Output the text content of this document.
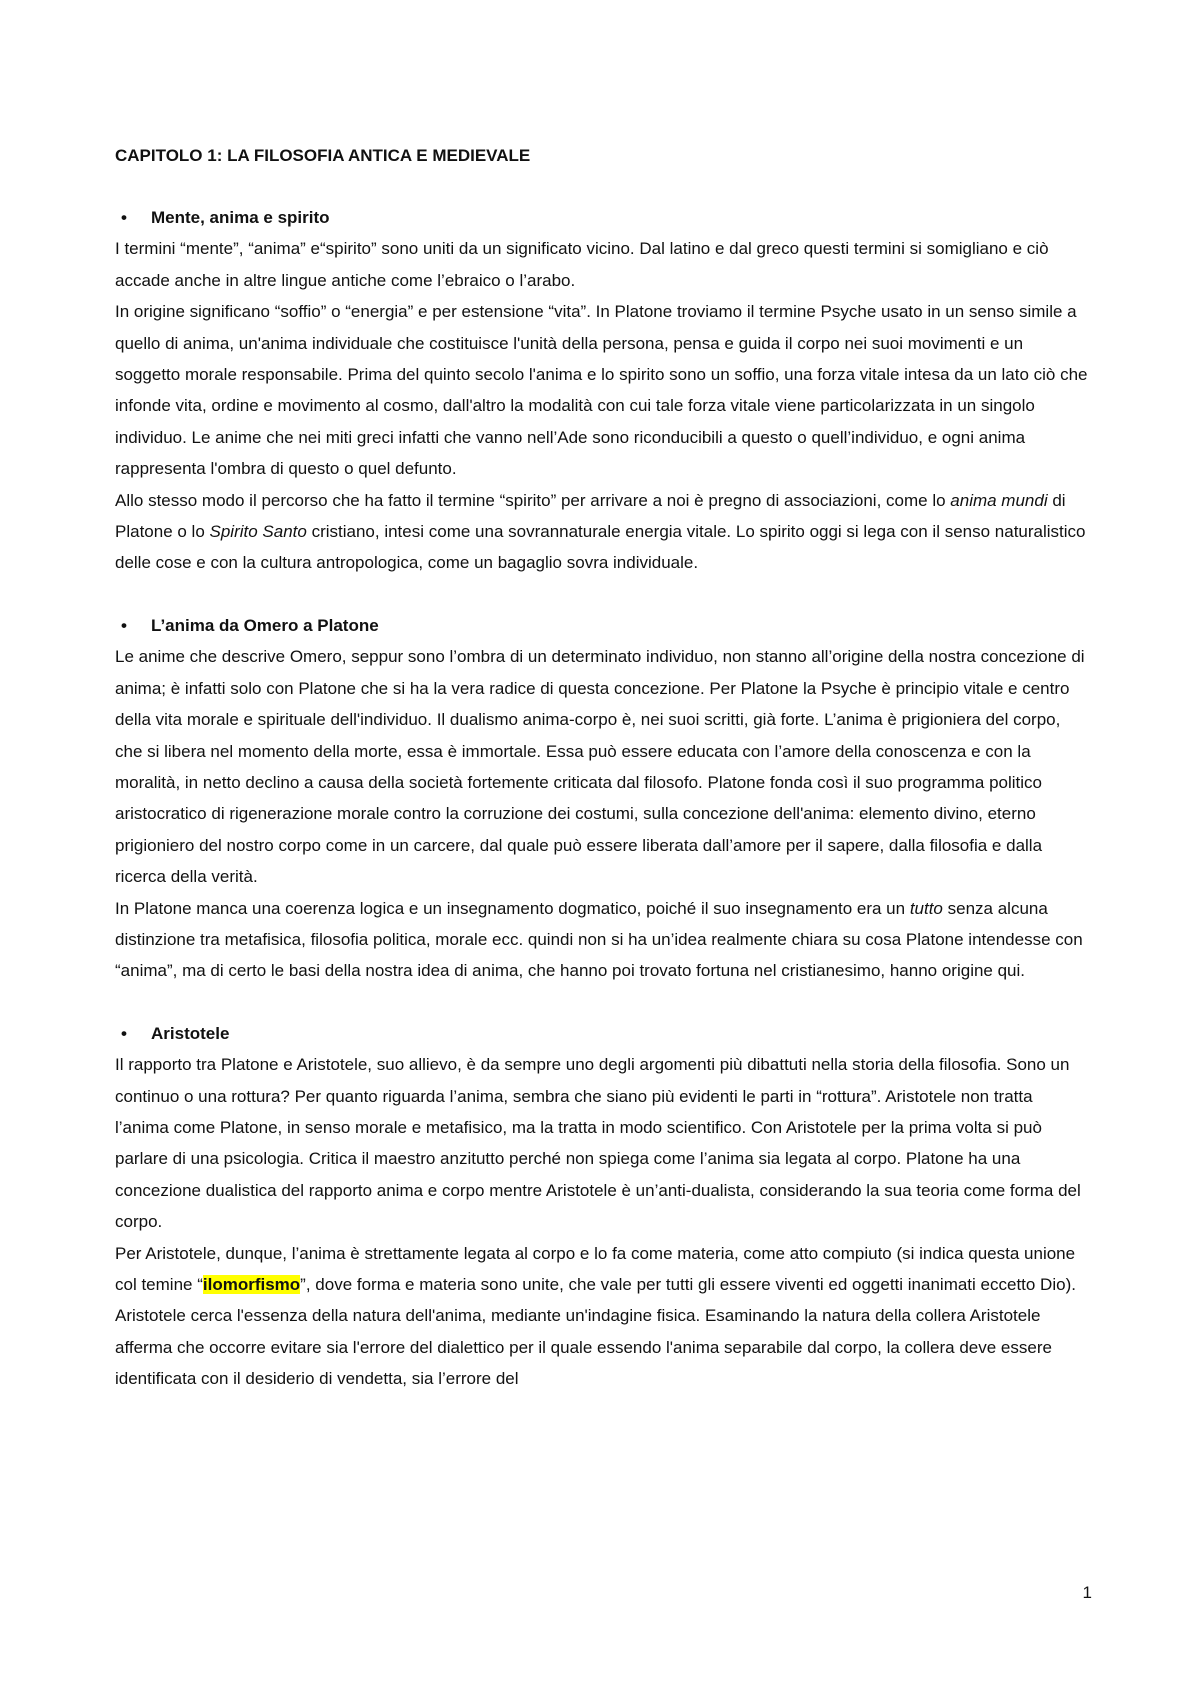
CAPITOLO 1: LA FILOSOFIA ANTICA E MEDIEVALE

• Mente, anima e spirito

I termini “mente”, “anima” e“spirito” sono uniti da un significato vicino. Dal latino e dal greco questi termini si somigliano e ciò accade anche in altre lingue antiche come l’ebraico o l’arabo.

In origine significano “soffio” o “energia” e per estensione “vita”. In Platone troviamo il termine Psyche usato in un senso simile a quello di anima, un'anima individuale che costituisce l'unità della persona, pensa e guida il corpo nei suoi movimenti e un soggetto morale responsabile. Prima del quinto secolo l'anima e lo spirito sono un soffio, una forza vitale intesa da un lato ciò che infonde vita, ordine e movimento al cosmo, dall'altro la modalità con cui tale forza vitale viene particolarizzata in un singolo individuo. Le anime che nei miti greci infatti che vanno nell’Ade sono riconducibili a questo o quell’individuo, e ogni anima rappresenta l'ombra di questo o quel defunto.

Allo stesso modo il percorso che ha fatto il termine “spirito” per arrivare a noi è pregno di associazioni, come lo anima mundi di Platone o lo Spirito Santo cristiano, intesi come una sovrannaturale energia vitale. Lo spirito oggi si lega con il senso naturalistico delle cose e con la cultura antropologica, come un bagaglio sovra individuale.

• L’anima da Omero a Platone

Le anime che descrive Omero, seppur sono l’ombra di un determinato individuo, non stanno all’origine della nostra concezione di anima; è infatti solo con Platone che si ha la vera radice di questa concezione. Per Platone la Psyche è principio vitale e centro della vita morale e spirituale dell'individuo. Il dualismo anima-corpo è, nei suoi scritti, già forte. L’anima è prigioniera del corpo, che si libera nel momento della morte, essa è immortale. Essa può essere educata con l’amore della conoscenza e con la moralità, in netto declino a causa della società fortemente criticata dal filosofo. Platone fonda così il suo programma politico aristocratico di rigenerazione morale contro la corruzione dei costumi, sulla concezione dell'anima: elemento divino, eterno prigioniero del nostro corpo come in un carcere, dal quale può essere liberata dall’amore per il sapere, dalla filosofia e dalla ricerca della verità.

In Platone manca una coerenza logica e un insegnamento dogmatico, poiché il suo insegnamento era un tutto senza alcuna distinzione tra metafisica, filosofia politica, morale ecc. quindi non si ha un’idea realmente chiara su cosa Platone intendesse con “anima”, ma di certo le basi della nostra idea di anima, che hanno poi trovato fortuna nel cristianesimo, hanno origine qui.

• Aristotele

Il rapporto tra Platone e Aristotele, suo allievo, è da sempre uno degli argomenti più dibattuti nella storia della filosofia. Sono un continuo o una rottura? Per quanto riguarda l’anima, sembra che siano più evidenti le parti in “rottura”. Aristotele non tratta l’anima come Platone, in senso morale e metafisico, ma la tratta in modo scientifico. Con Aristotele per la prima volta si può parlare di una psicologia. Critica il maestro anzitutto perché non spiega come l’anima sia legata al corpo. Platone ha una concezione dualistica del rapporto anima e corpo mentre Aristotele è un’anti-dualista, considerando la sua teoria come forma del corpo.

Per Aristotele, dunque, l’anima è strettamente legata al corpo e lo fa come materia, come atto compiuto (si indica questa unione col temine “ilomorfismo”, dove forma e materia sono unite, che vale per tutti gli essere viventi ed oggetti inanimati eccetto Dio).

Aristotele cerca l'essenza della natura dell'anima, mediante un'indagine fisica. Esaminando la natura della collera Aristotele afferma che occorre evitare sia l'errore del dialettico per il quale essendo l'anima separabile dal corpo, la collera deve essere identificata con il desiderio di vendetta, sia l’errore del

1
